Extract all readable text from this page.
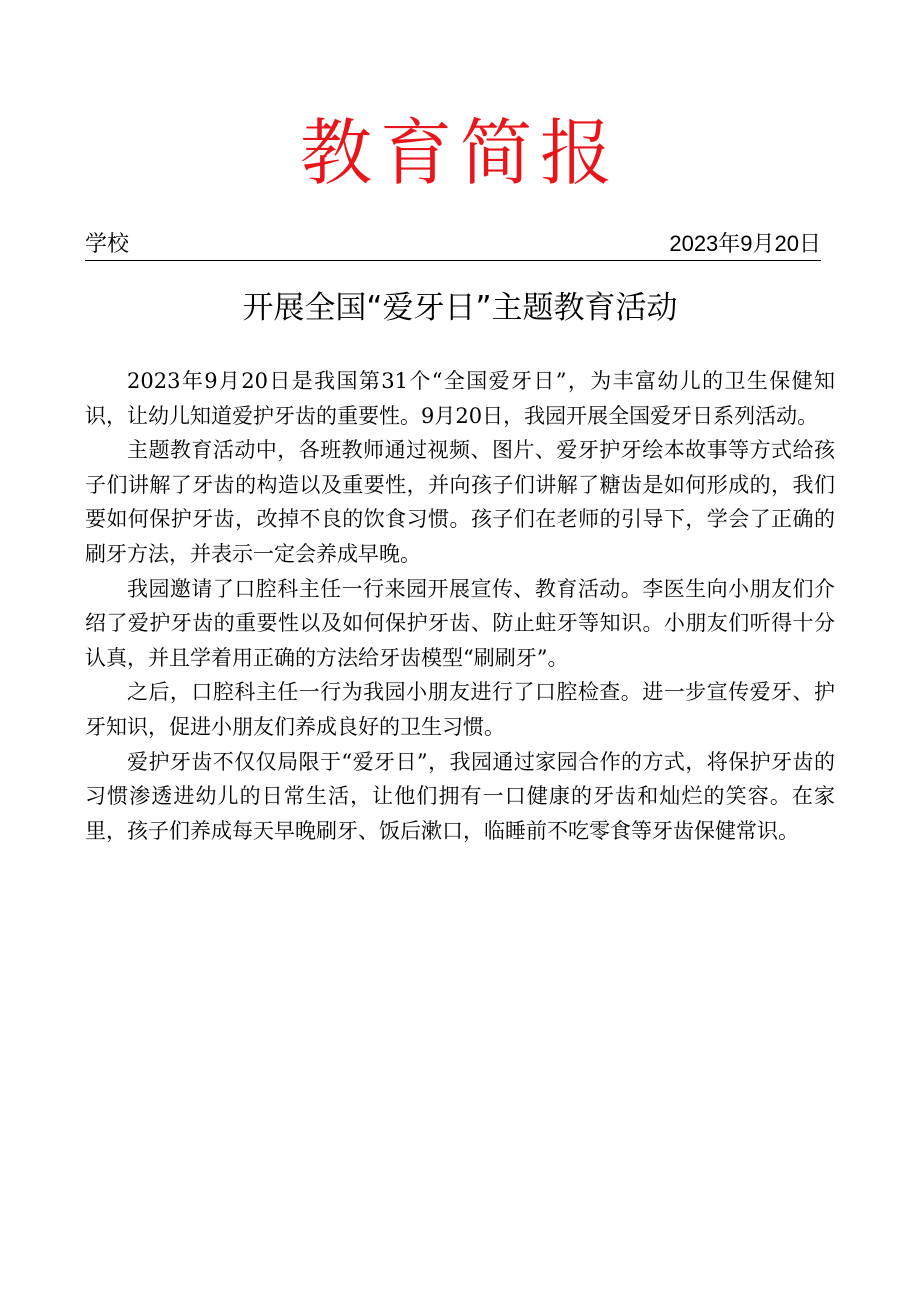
教育简报
学校	2023年9月20日
开展全国“爱牙日”主题教育活动

2023年9月20日是我国第31个“全国爱牙日”，为丰富幼儿的卫生保健知识，让幼儿知道爱护牙齿的重要性。9月20日，我园开展全国爱牙日系列活动。

主题教育活动中，各班教师通过视频、图片、爱牙护牙绘本故事等方式给孩子们讲解了牙齿的构造以及重要性，并向孩子们讲解了糖齿是如何形成的，我们要如何保护牙齿，改掉不良的饮食习惯。孩子们在老师的引导下，学会了正确的刷牙方法，并表示一定会养成早晚。

我园邀请了口腔科主任一行来园开展宣传、教育活动。李医生向小朋友们介绍了爱护牙齿的重要性以及如何保护牙齿、防止蛀牙等知识。小朋友们听得十分认真，并且学着用正确的方法给牙齿模型“刷刷牙”。

之后，口腔科主任一行为我园小朋友进行了口腔检查。进一步宣传爱牙、护牙知识，促进小朋友们养成良好的卫生习惯。

爱护牙齿不仅仅局限于“爱牙日”，我园通过家园合作的方式，将保护牙齿的习惯渗透进幼儿的日常生活，让他们拥有一口健康的牙齿和灿烂的笑容。在家里，孩子们养成每天早晚刷牙、饭后漱口，临睡前不吃零食等牙齿保健常识。
